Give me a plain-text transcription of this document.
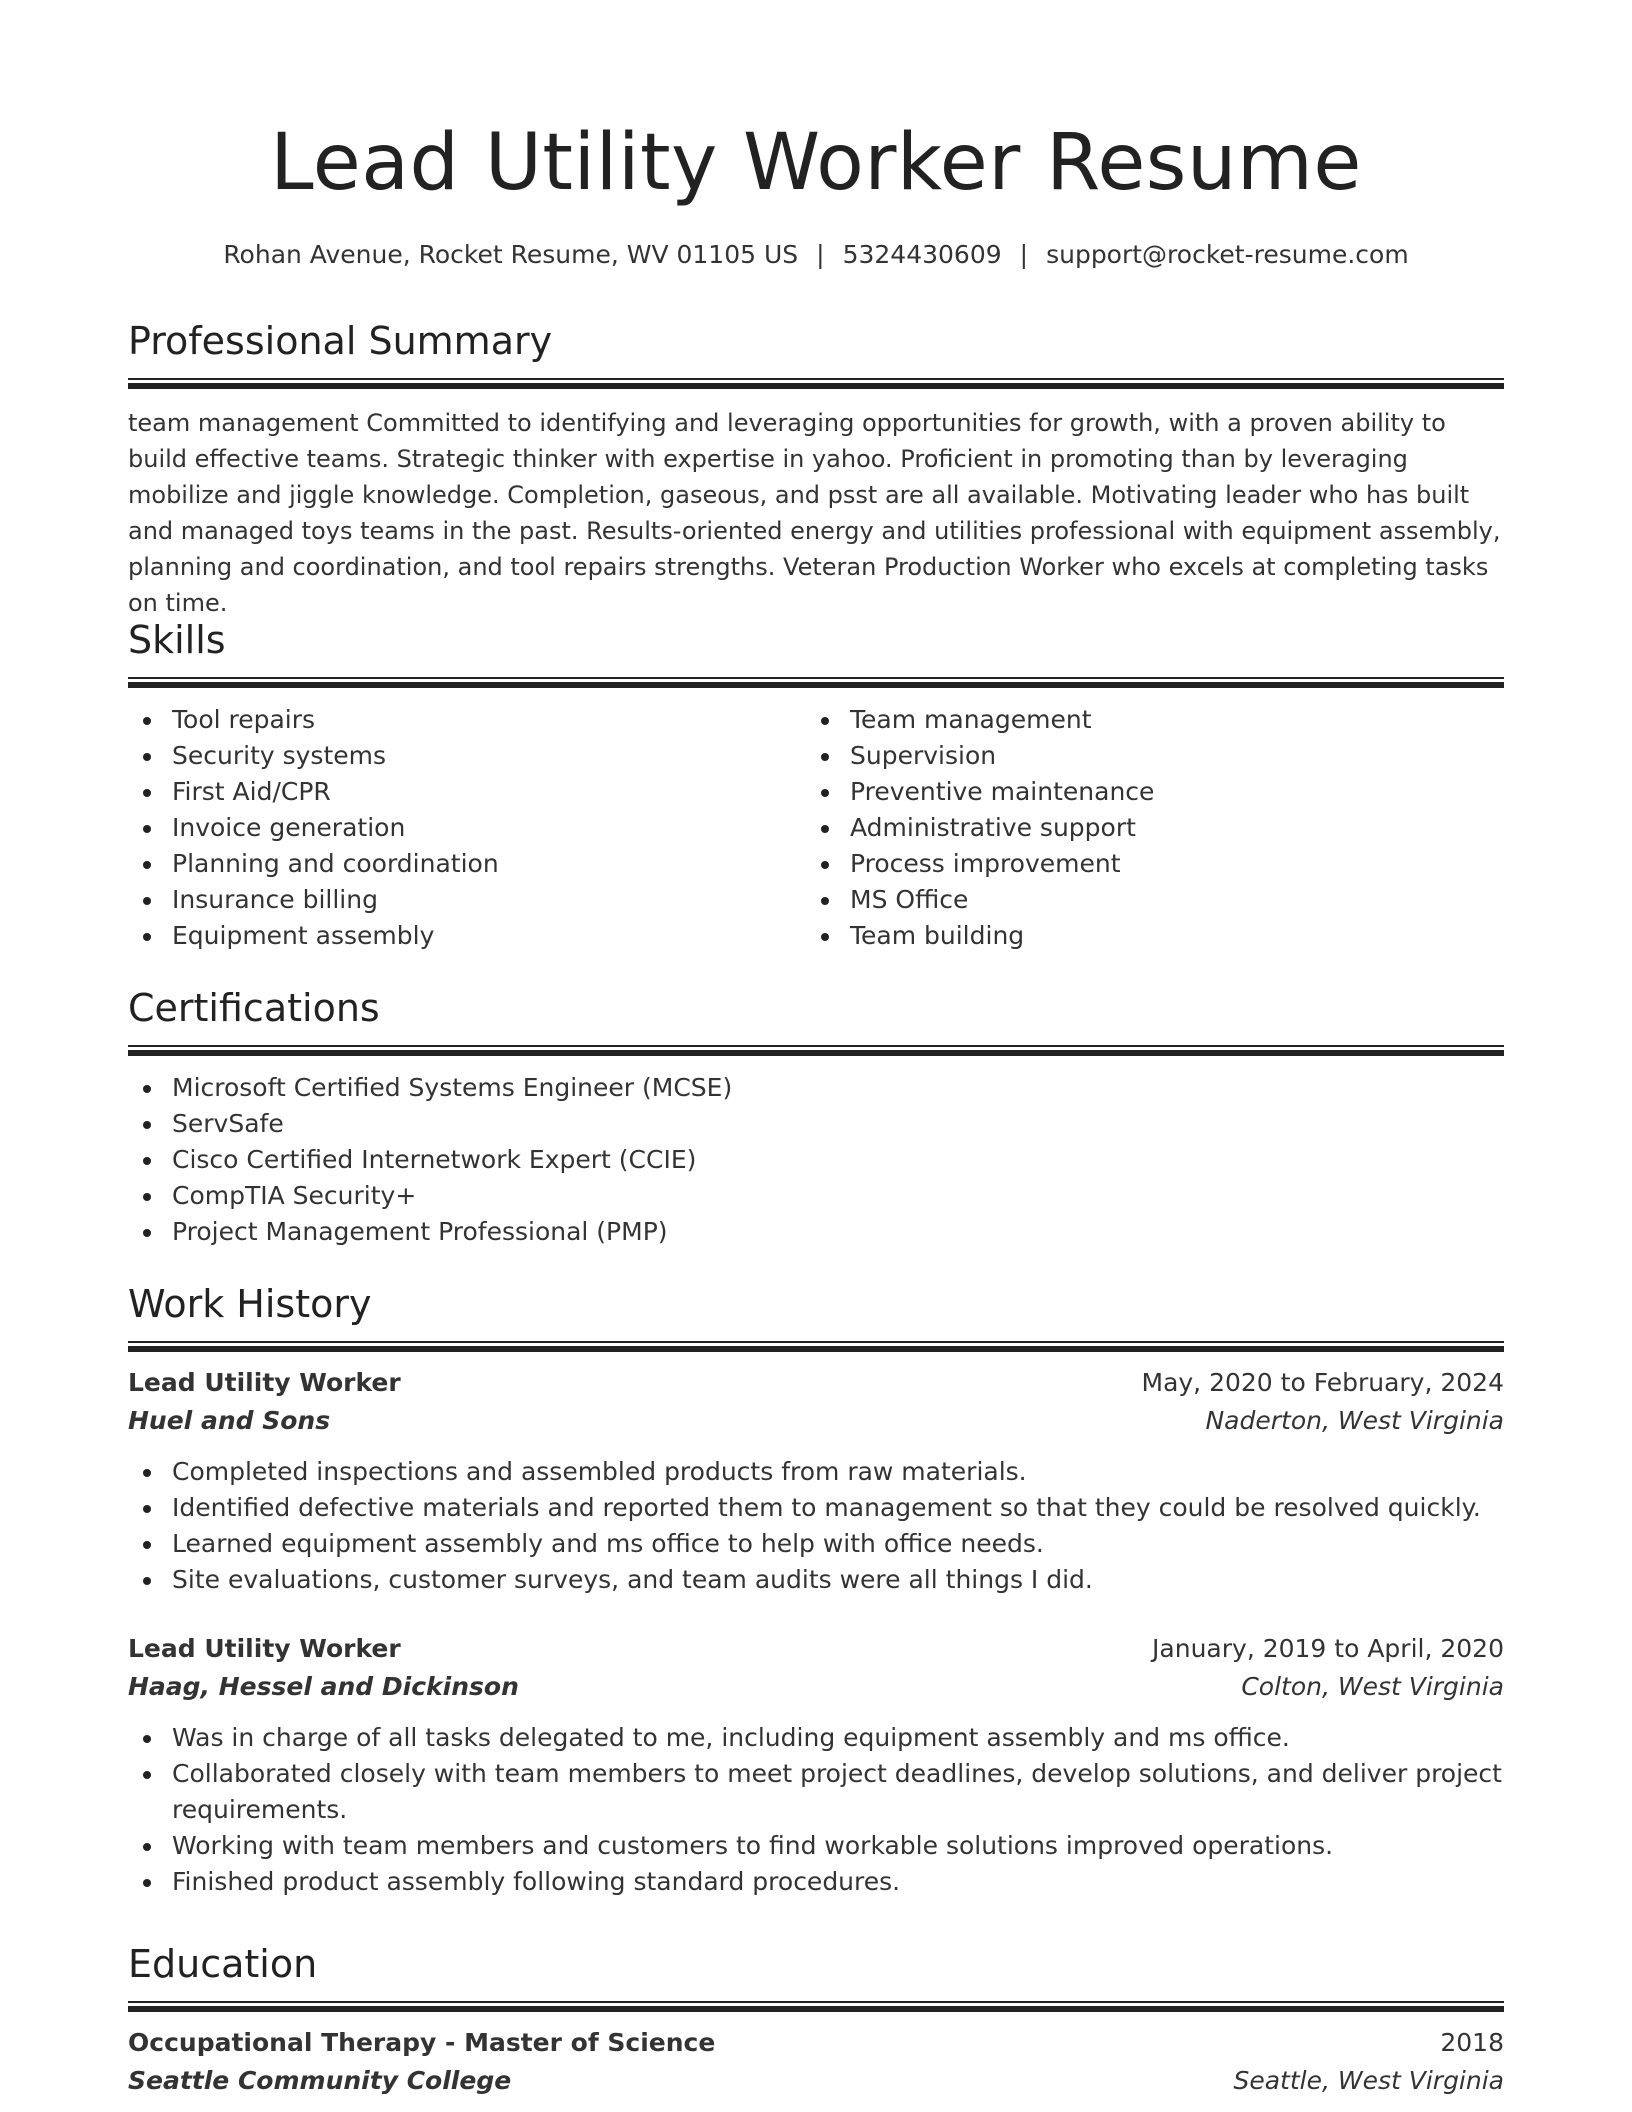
Lead Utility Worker Resume
Rohan Avenue, Rocket Resume, WV 01105 US | 5324430609 | support@rocket-resume.com
Professional Summary

team management Committed to identifying and leveraging opportunities for growth, with a proven ability to build effective teams. Strategic thinker with expertise in yahoo. Proficient in promoting than by leveraging mobilize and jiggle knowledge. Completion, gaseous, and psst are all available. Motivating leader who has built and managed toys teams in the past. Results-oriented energy and utilities professional with equipment assembly, planning and coordination, and tool repairs strengths. Veteran Production Worker who excels at completing tasks on time.

Skills
Tool repairs
Security systems
First Aid/CPR
Invoice generation
Planning and coordination
Insurance billing
Equipment assembly
Team management
Supervision
Preventive maintenance
Administrative support
Process improvement
MS Office
Team building
Certifications
Microsoft Certified Systems Engineer (MCSE)
ServSafe
Cisco Certified Internetwork Expert (CCIE)
CompTIA Security+
Project Management Professional (PMP)
Work History
Lead Utility Worker	May, 2020 to February, 2024
Huel and Sons	Naderton, West Virginia
Completed inspections and assembled products from raw materials.
Identified defective materials and reported them to management so that they could be resolved quickly.
Learned equipment assembly and ms office to help with office needs.
Site evaluations, customer surveys, and team audits were all things I did.
Lead Utility Worker	January, 2019 to April, 2020
Haag, Hessel and Dickinson	Colton, West Virginia
Was in charge of all tasks delegated to me, including equipment assembly and ms office.
Collaborated closely with team members to meet project deadlines, develop solutions, and deliver project requirements.
Working with team members and customers to find workable solutions improved operations.
Finished product assembly following standard procedures.
Education
Occupational Therapy - Master of Science	2018
Seattle Community College	Seattle, West Virginia
